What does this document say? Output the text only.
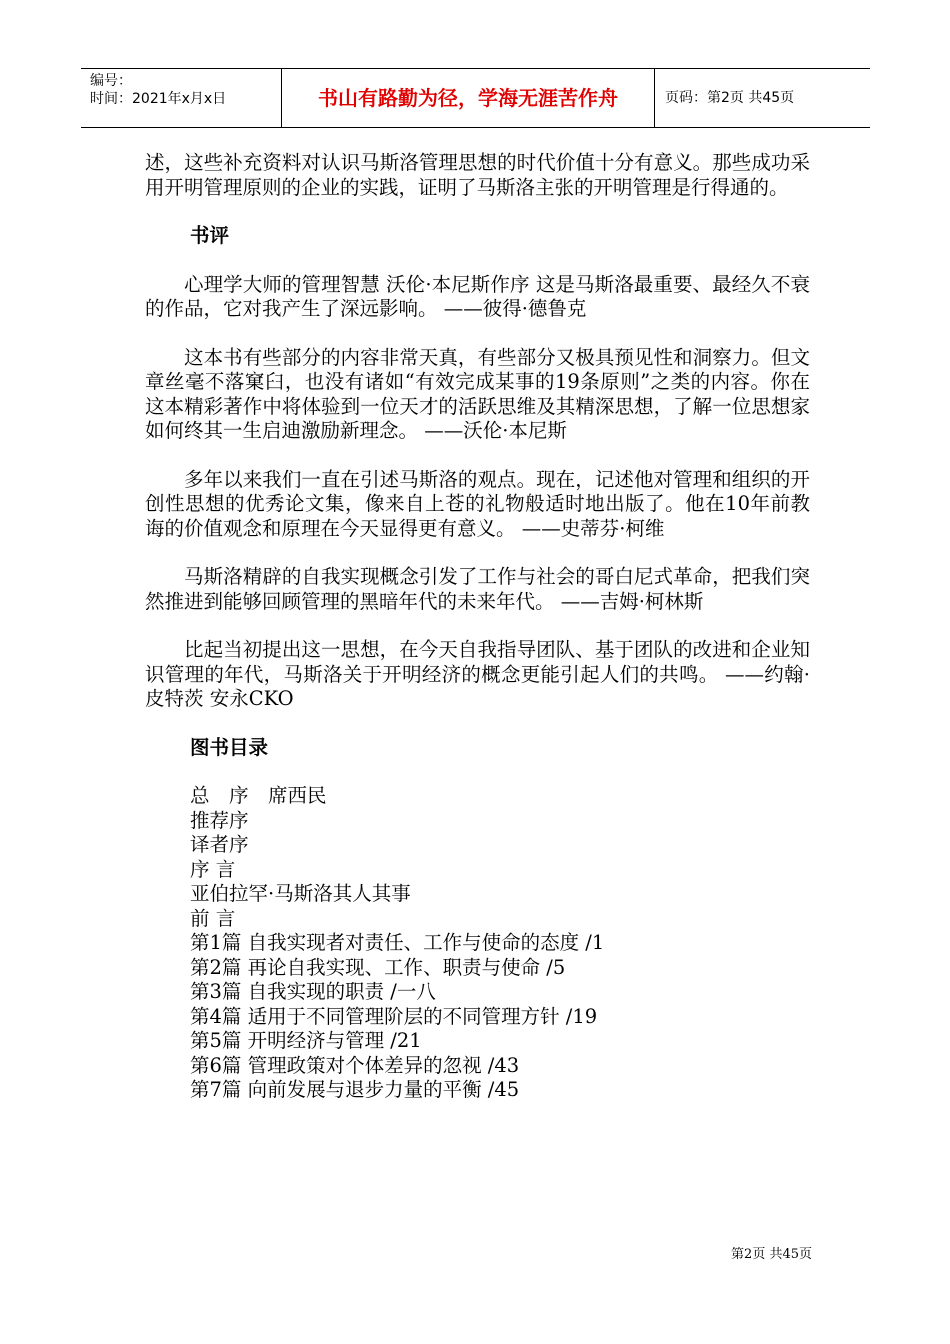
编号：
时间：2021年x月x日	书山有路勤为径，学海无涯苦作舟	页码：第2页 共45页

述，这些补充资料对认识马斯洛管理思想的时代价值十分有意义。那些成功采用开明管理原则的企业的实践，证明了马斯洛主张的开明管理是行得通的。

书评

心理学大师的管理智慧 沃伦·本尼斯作序 这是马斯洛最重要、最经久不衰的作品，它对我产生了深远影响。 ——彼得·德鲁克

这本书有些部分的内容非常天真，有些部分又极具预见性和洞察力。但文章丝毫不落窠臼，也没有诸如“有效完成某事的19条原则”之类的内容。你在这本精彩著作中将体验到一位天才的活跃思维及其精深思想，了解一位思想家如何终其一生启迪激励新理念。 ——沃伦·本尼斯

多年以来我们一直在引述马斯洛的观点。现在，记述他对管理和组织的开创性思想的优秀论文集，像来自上苍的礼物般适时地出版了。他在10年前教诲的价值观念和原理在今天显得更有意义。 ——史蒂芬·柯维

马斯洛精辟的自我实现概念引发了工作与社会的哥白尼式革命，把我们突然推进到能够回顾管理的黑暗年代的未来年代。 ——吉姆·柯林斯

比起当初提出这一思想，在今天自我指导团队、基于团队的改进和企业知识管理的年代，马斯洛关于开明经济的概念更能引起人们的共鸣。 ——约翰·皮特茨 安永CKO

图书目录
总　序　席西民
推荐序
译者序
序 言
亚伯拉罕·马斯洛其人其事
前 言
第1篇 自我实现者对责任、工作与使命的态度 /1
第2篇 再论自我实现、工作、职责与使命 /5
第3篇 自我实现的职责 /一八
第4篇 适用于不同管理阶层的不同管理方针 /19
第5篇 开明经济与管理 /21
第6篇 管理政策对个体差异的忽视 /43
第7篇 向前发展与退步力量的平衡 /45
第2页 共45页
